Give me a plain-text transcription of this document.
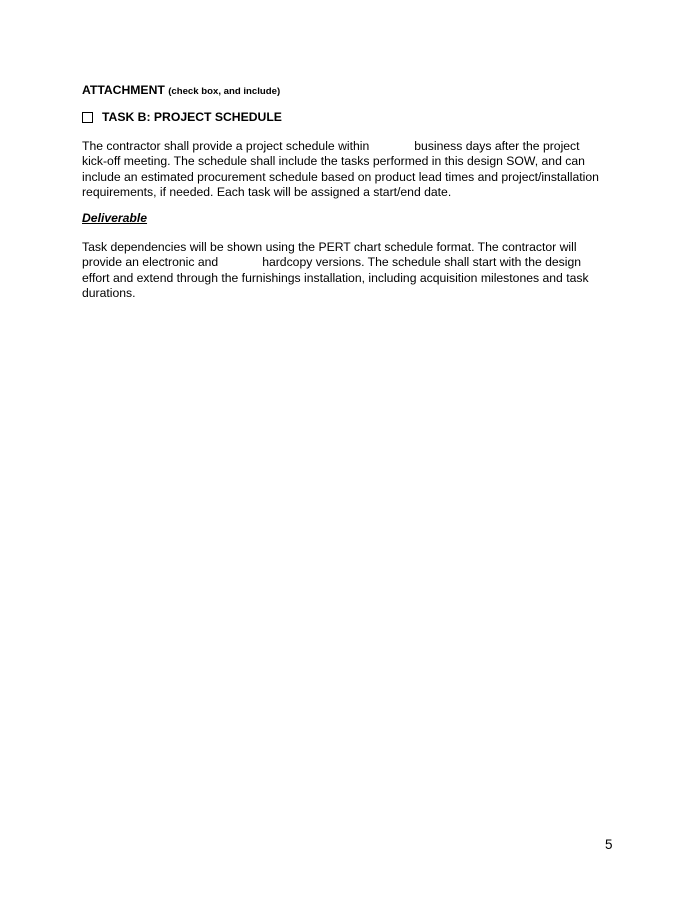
ATTACHMENT (check box, and include)
TASK B: PROJECT SCHEDULE
The contractor shall provide a project schedule within	business days after the project
kick-off meeting. The schedule shall include the tasks performed in this design SOW, and can
include an estimated procurement schedule based on product lead times and project/installation
requirements, if needed. Each task will be assigned a start/end date.
Deliverable
Task dependencies will be shown using the PERT chart schedule format. The contractor will
provide an electronic and	hardcopy versions. The schedule shall start with the design
effort and extend through the furnishings installation, including acquisition milestones and task
durations.
5
